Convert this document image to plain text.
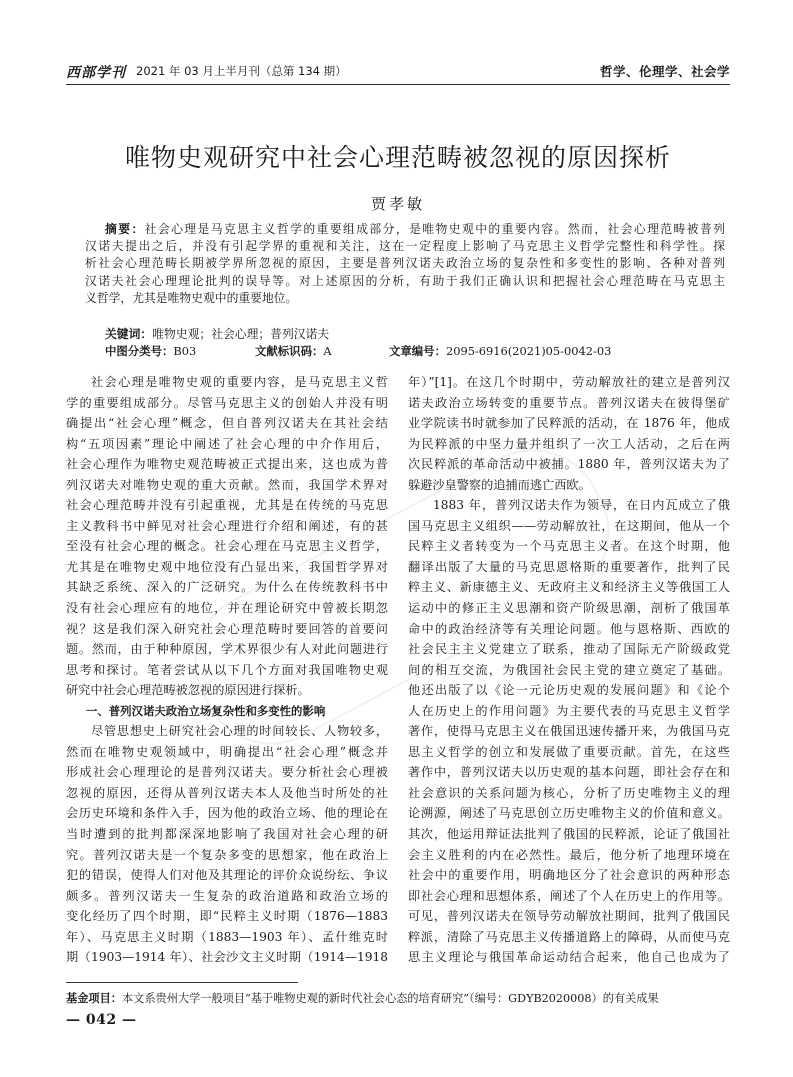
西部学刊 2021 年 03 月上半月刊（总第 134 期）	哲学、伦理学、社会学
唯物史观研究中社会心理范畴被忽视的原因探析
贾孝敏
摘要：社会心理是马克思主义哲学的重要组成部分，是唯物史观中的重要内容。然而，社会心理范畴被普列
汉诺夫提出之后，并没有引起学界的重视和关注，这在一定程度上影响了马克思主义哲学完整性和科学性。探
析社会心理范畴长期被学界所忽视的原因，主要是普列汉诺夫政治立场的复杂性和多变性的影响、各种对普列
汉诺夫社会心理理论批判的误导等。对上述原因的分析，有助于我们正确认识和把握社会心理范畴在马克思主
义哲学，尤其是唯物史观中的重要地位。
关键词：唯物史观；社会心理；普列汉诺夫
中图分类号：B03	文献标识码：A	文章编号：2095-6916(2021)05-0042-03
社会心理是唯物史观的重要内容，是马克思主义哲
学的重要组成部分。尽管马克思主义的创始人并没有明
确提出“社会心理”概念，但自普列汉诺夫在其社会结
构“五项因素”理论中阐述了社会心理的中介作用后，
社会心理作为唯物史观范畴被正式提出来，这也成为普
列汉诺夫对唯物史观的重大贡献。然而，我国学术界对
社会心理范畴并没有引起重视，尤其是在传统的马克思
主义教科书中鲜见对社会心理进行介绍和阐述，有的甚
至没有社会心理的概念。社会心理在马克思主义哲学，
尤其是在唯物史观中地位没有凸显出来，我国哲学界对
其缺乏系统、深入的广泛研究。为什么在传统教科书中
没有社会心理应有的地位，并在理论研究中曾被长期忽
视？这是我们深入研究社会心理范畴时要回答的首要问
题。然而，由于种种原因，学术界很少有人对此问题进行
思考和探讨。笔者尝试从以下几个方面对我国唯物史观
研究中社会心理范畴被忽视的原因进行探析。
一、普列汉诺夫政治立场复杂性和多变性的影响
尽管思想史上研究社会心理的时间较长、人物较多，
然而在唯物史观领域中，明确提出“社会心理”概念并
形成社会心理理论的是普列汉诺夫。要分析社会心理被
忽视的原因，还得从普列汉诺夫本人及他当时所处的社
会历史环境和条件入手，因为他的政治立场、他的理论在
当时遭到的批判都深深地影响了我国对社会心理的研
究。普列汉诺夫是一个复杂多变的思想家，他在政治上
犯的错误，使得人们对他及其理论的评价众说纷纭、争议
颇多。普列汉诺夫一生复杂的政治道路和政治立场的
变化经历了四个时期，即“民粹主义时期（1876—1883
年）、马克思主义时期（1883—1903 年）、孟什维克时
期（1903—1914 年）、社会沙文主义时期（1914—1918
年）”[1]。在这几个时期中，劳动解放社的建立是普列汉
诺夫政治立场转变的重要节点。普列汉诺夫在彼得堡矿
业学院读书时就参加了民粹派的活动，在 1876 年，他成
为民粹派的中坚力量并组织了一次工人活动，之后在两
次民粹派的革命活动中被捕。1880 年，普列汉诺夫为了
躲避沙皇警察的追捕而逃亡西欧。
1883 年，普列汉诺夫作为领导，在日内瓦成立了俄
国马克思主义组织——劳动解放社，在这期间，他从一个
民粹主义者转变为一个马克思主义者。在这个时期，他
翻译出版了大量的马克思恩格斯的重要著作，批判了民
粹主义、新康德主义、无政府主义和经济主义等俄国工人
运动中的修正主义思潮和资产阶级思潮，剖析了俄国革
命中的政治经济等有关理论问题。他与恩格斯、西欧的
社会民主主义党建立了联系，推动了国际无产阶级政党
间的相互交流，为俄国社会民主党的建立奠定了基础。
他还出版了以《论一元论历史观的发展问题》和《论个
人在历史上的作用问题》为主要代表的马克思主义哲学
著作，使得马克思主义在俄国迅速传播开来，为俄国马克
思主义哲学的创立和发展做了重要贡献。首先，在这些
著作中，普列汉诺夫以历史观的基本问题，即社会存在和
社会意识的关系问题为核心，分析了历史唯物主义的理
论溯源，阐述了马克思创立历史唯物主义的价值和意义。
其次，他运用辩证法批判了俄国的民粹派，论证了俄国社
会主义胜利的内在必然性。最后，他分析了地理环境在
社会中的重要作用，明确地区分了社会意识的两种形态
即社会心理和思想体系，阐述了个人在历史上的作用等。
可见，普列汉诺夫在领导劳动解放社期间，批判了俄国民
粹派，清除了马克思主义传播道路上的障碍，从而使马克
思主义理论与俄国革命运动结合起来，他自己也成为了
基金项目：本文系贵州大学一般项目“基于唯物史观的新时代社会心态的培育研究”（编号：GDYB2020008）的有关成果
— 042 —
